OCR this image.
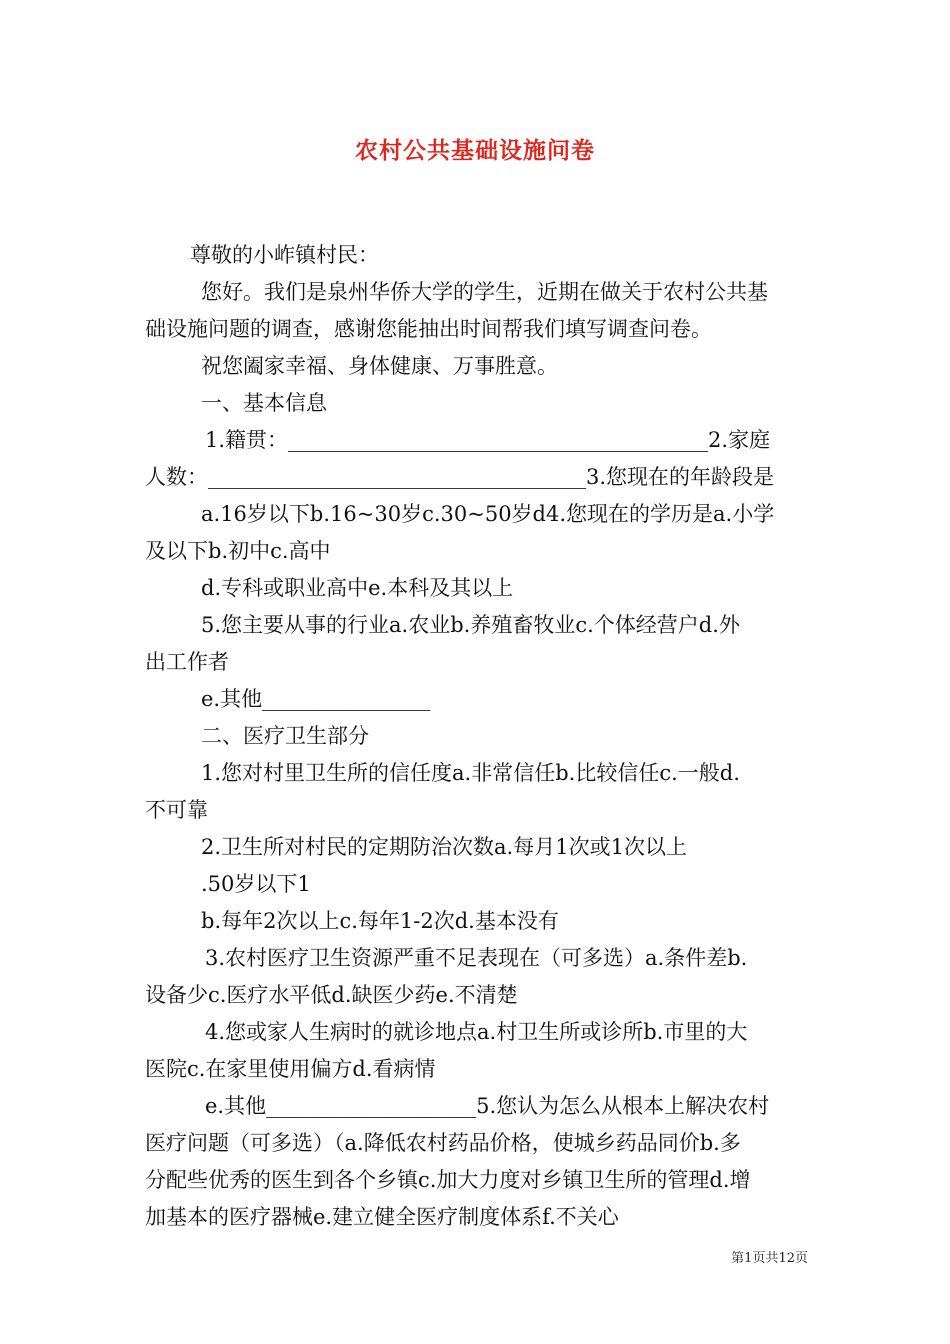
农村公共基础设施问卷
尊敬的小岞镇村民：
您好。我们是泉州华侨大学的学生，近期在做关于农村公共基
础设施问题的调查，感谢您能抽出时间帮我们填写调查问卷。
祝您阖家幸福、身体健康、万事胜意。
一、基本信息
1.籍贯：________________________________________2.家庭
人数：____________________________________3.您现在的年龄段是
a.16岁以下b.16~30岁c.30~50岁d4.您现在的学历是a.小学
及以下b.初中c.高中
d.专科或职业高中e.本科及其以上
5.您主要从事的行业a.农业b.养殖畜牧业c.个体经营户d.外
出工作者
e.其他________________
二、医疗卫生部分
1.您对村里卫生所的信任度a.非常信任b.比较信任c.一般d.
不可靠
2.卫生所对村民的定期防治次数a.每月1次或1次以上
.50岁以下1
b.每年2次以上c.每年1-2次d.基本没有
3.农村医疗卫生资源严重不足表现在（可多选）a.条件差b.
设备少c.医疗水平低d.缺医少药e.不清楚
4.您或家人生病时的就诊地点a.村卫生所或诊所b.市里的大
医院c.在家里使用偏方d.看病情
e.其他____________________5.您认为怎么从根本上解决农村
医疗问题（可多选）（a.降低农村药品价格，使城乡药品同价b.多
分配些优秀的医生到各个乡镇c.加大力度对乡镇卫生所的管理d.增
加基本的医疗器械e.建立健全医疗制度体系f.不关心
第1页共12页
